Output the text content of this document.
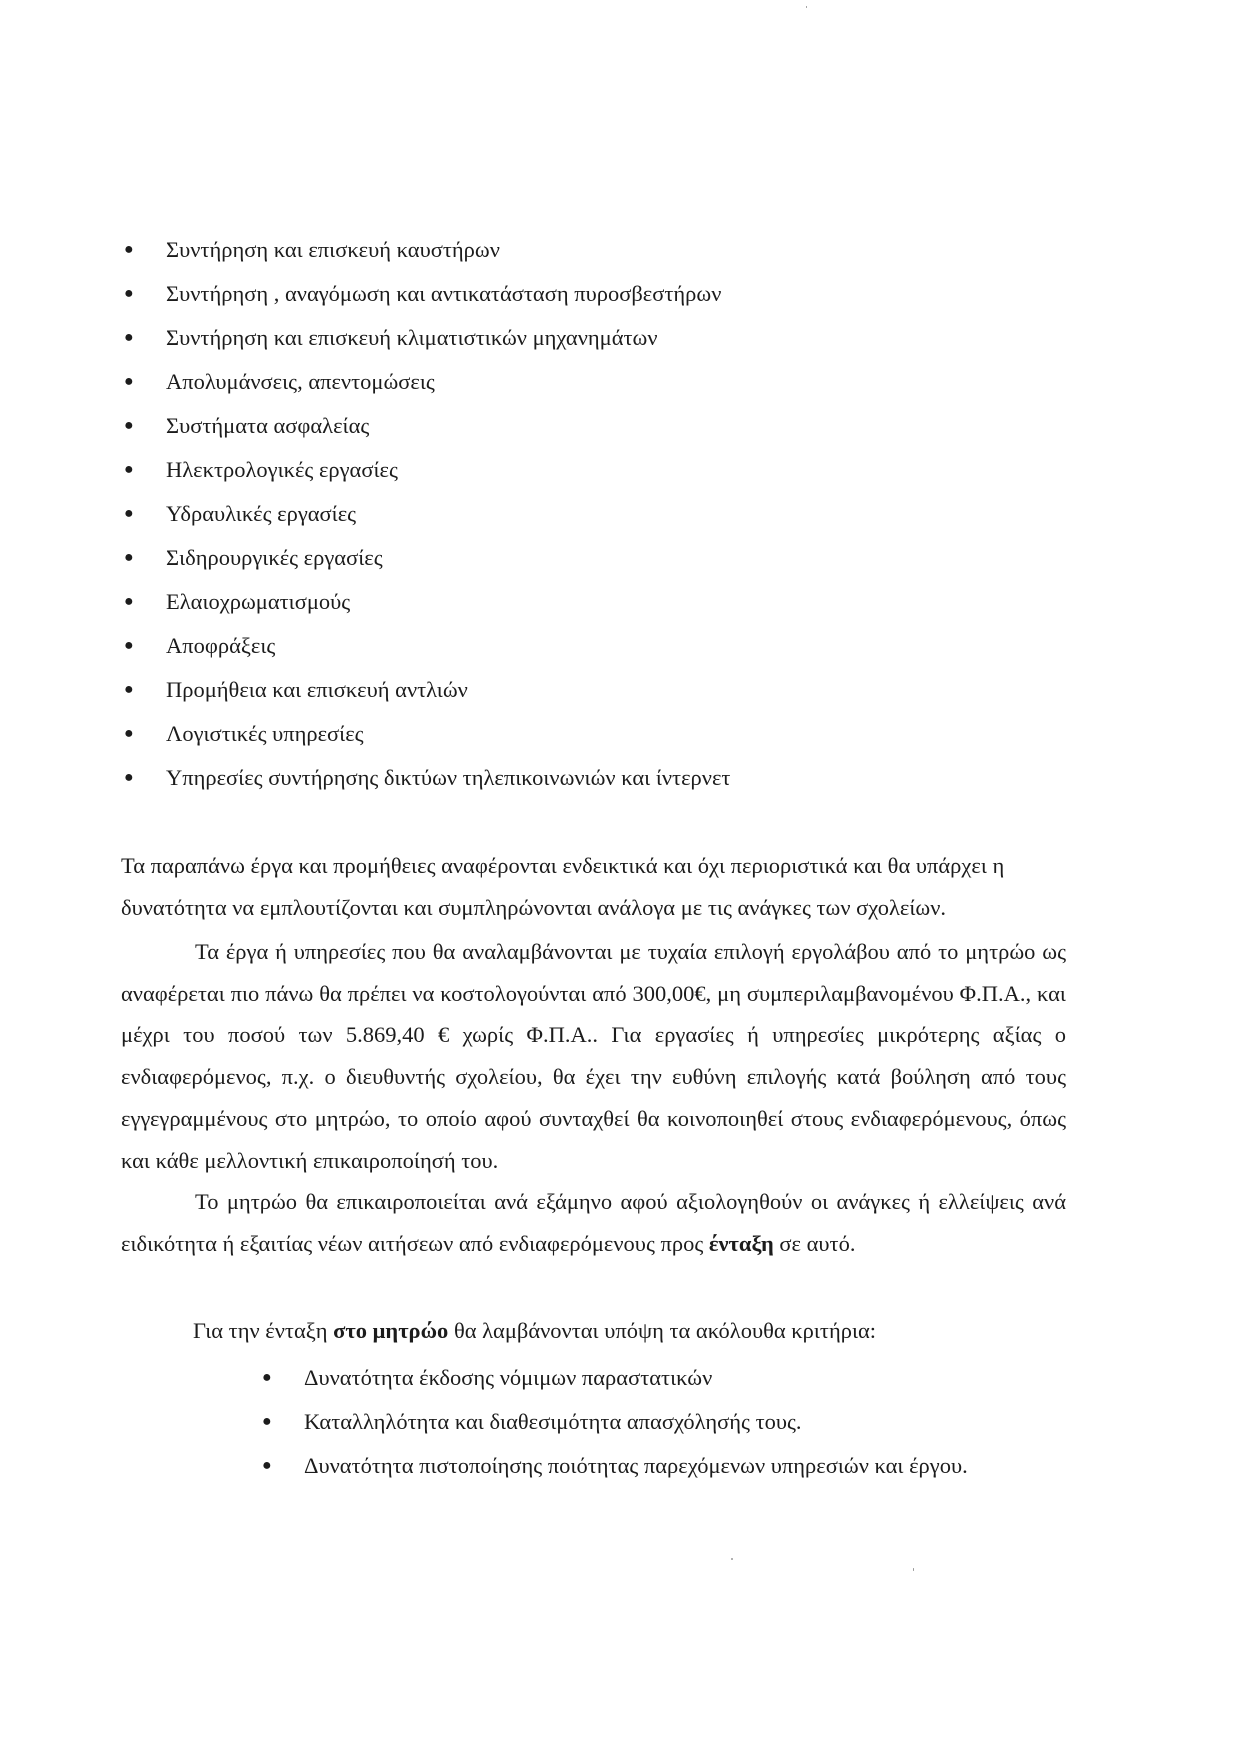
● Συντήρηση και επισκευή καυστήρων
● Συντήρηση , αναγόμωση και αντικατάσταση πυροσβεστήρων
● Συντήρηση και επισκευή κλιματιστικών μηχανημάτων
● Απολυμάνσεις, απεντομώσεις
● Συστήματα ασφαλείας
● Ηλεκτρολογικές εργασίες
● Υδραυλικές εργασίες
● Σιδηρουργικές εργασίες
● Ελαιοχρωματισμούς
● Αποφράξεις
● Προμήθεια και επισκευή αντλιών
● Λογιστικές υπηρεσίες
● Υπηρεσίες συντήρησης δικτύων τηλεπικοινωνιών και ίντερνετ

Τα παραπάνω έργα και προμήθειες αναφέρονται ενδεικτικά και όχι περιοριστικά και θα υπάρχει η δυνατότητα να εμπλουτίζονται και συμπληρώνονται ανάλογα με τις ανάγκες των σχολείων.

Τα έργα ή υπηρεσίες που θα αναλαμβάνονται με τυχαία επιλογή εργολάβου από το μητρώο ως αναφέρεται πιο πάνω θα πρέπει να κοστολογούνται από 300,00€, μη συμπεριλαμβανομένου Φ.Π.Α., και μέχρι του ποσού των 5.869,40 € χωρίς Φ.Π.Α.. Για εργασίες ή υπηρεσίες μικρότερης αξίας ο ενδιαφερόμενος, π.χ. ο διευθυντής σχολείου, θα έχει την ευθύνη επιλογής κατά βούληση από τους εγγεγραμμένους στο μητρώο, το οποίο αφού συνταχθεί θα κοινοποιηθεί στους ενδιαφερόμενους, όπως και κάθε μελλοντική επικαιροποίησή του.

Το μητρώο θα επικαιροποιείται ανά εξάμηνο αφού αξιολογηθούν οι ανάγκες ή ελλείψεις ανά ειδικότητα ή εξαιτίας νέων αιτήσεων από ενδιαφερόμενους προς ένταξη σε αυτό.

Για την ένταξη στο μητρώο θα λαμβάνονται υπόψη τα ακόλουθα κριτήρια:

● Δυνατότητα έκδοσης νόμιμων παραστατικών
● Καταλληλότητα και διαθεσιμότητα απασχόλησής τους.
● Δυνατότητα πιστοποίησης ποιότητας παρεχόμενων υπηρεσιών και έργου.
